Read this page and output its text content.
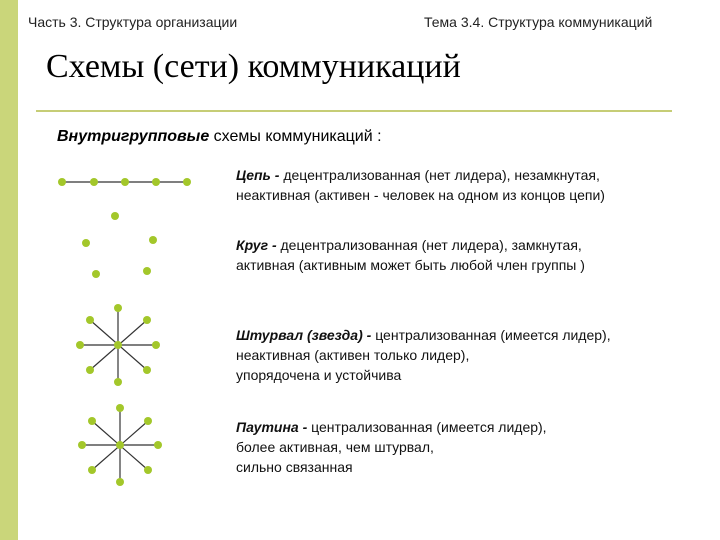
Часть 3. Структура организации	Тема 3.4. Структура коммуникаций
Схемы (сети) коммуникаций
Внутригрупповые схемы коммуникаций :
Цепь - децентрализованная (нет лидера), незамкнутая,
неактивная (активен - человек на одном из концов цепи)
Круг - децентрализованная (нет лидера), замкнутая,
активная (активным может быть любой член группы )
Штурвал (звезда) - централизованная (имеется лидер),
неактивная (активен только лидер),
упорядочена и устойчива
Паутина - централизованная (имеется лидер),
более активная, чем штурвал,
сильно связанная
